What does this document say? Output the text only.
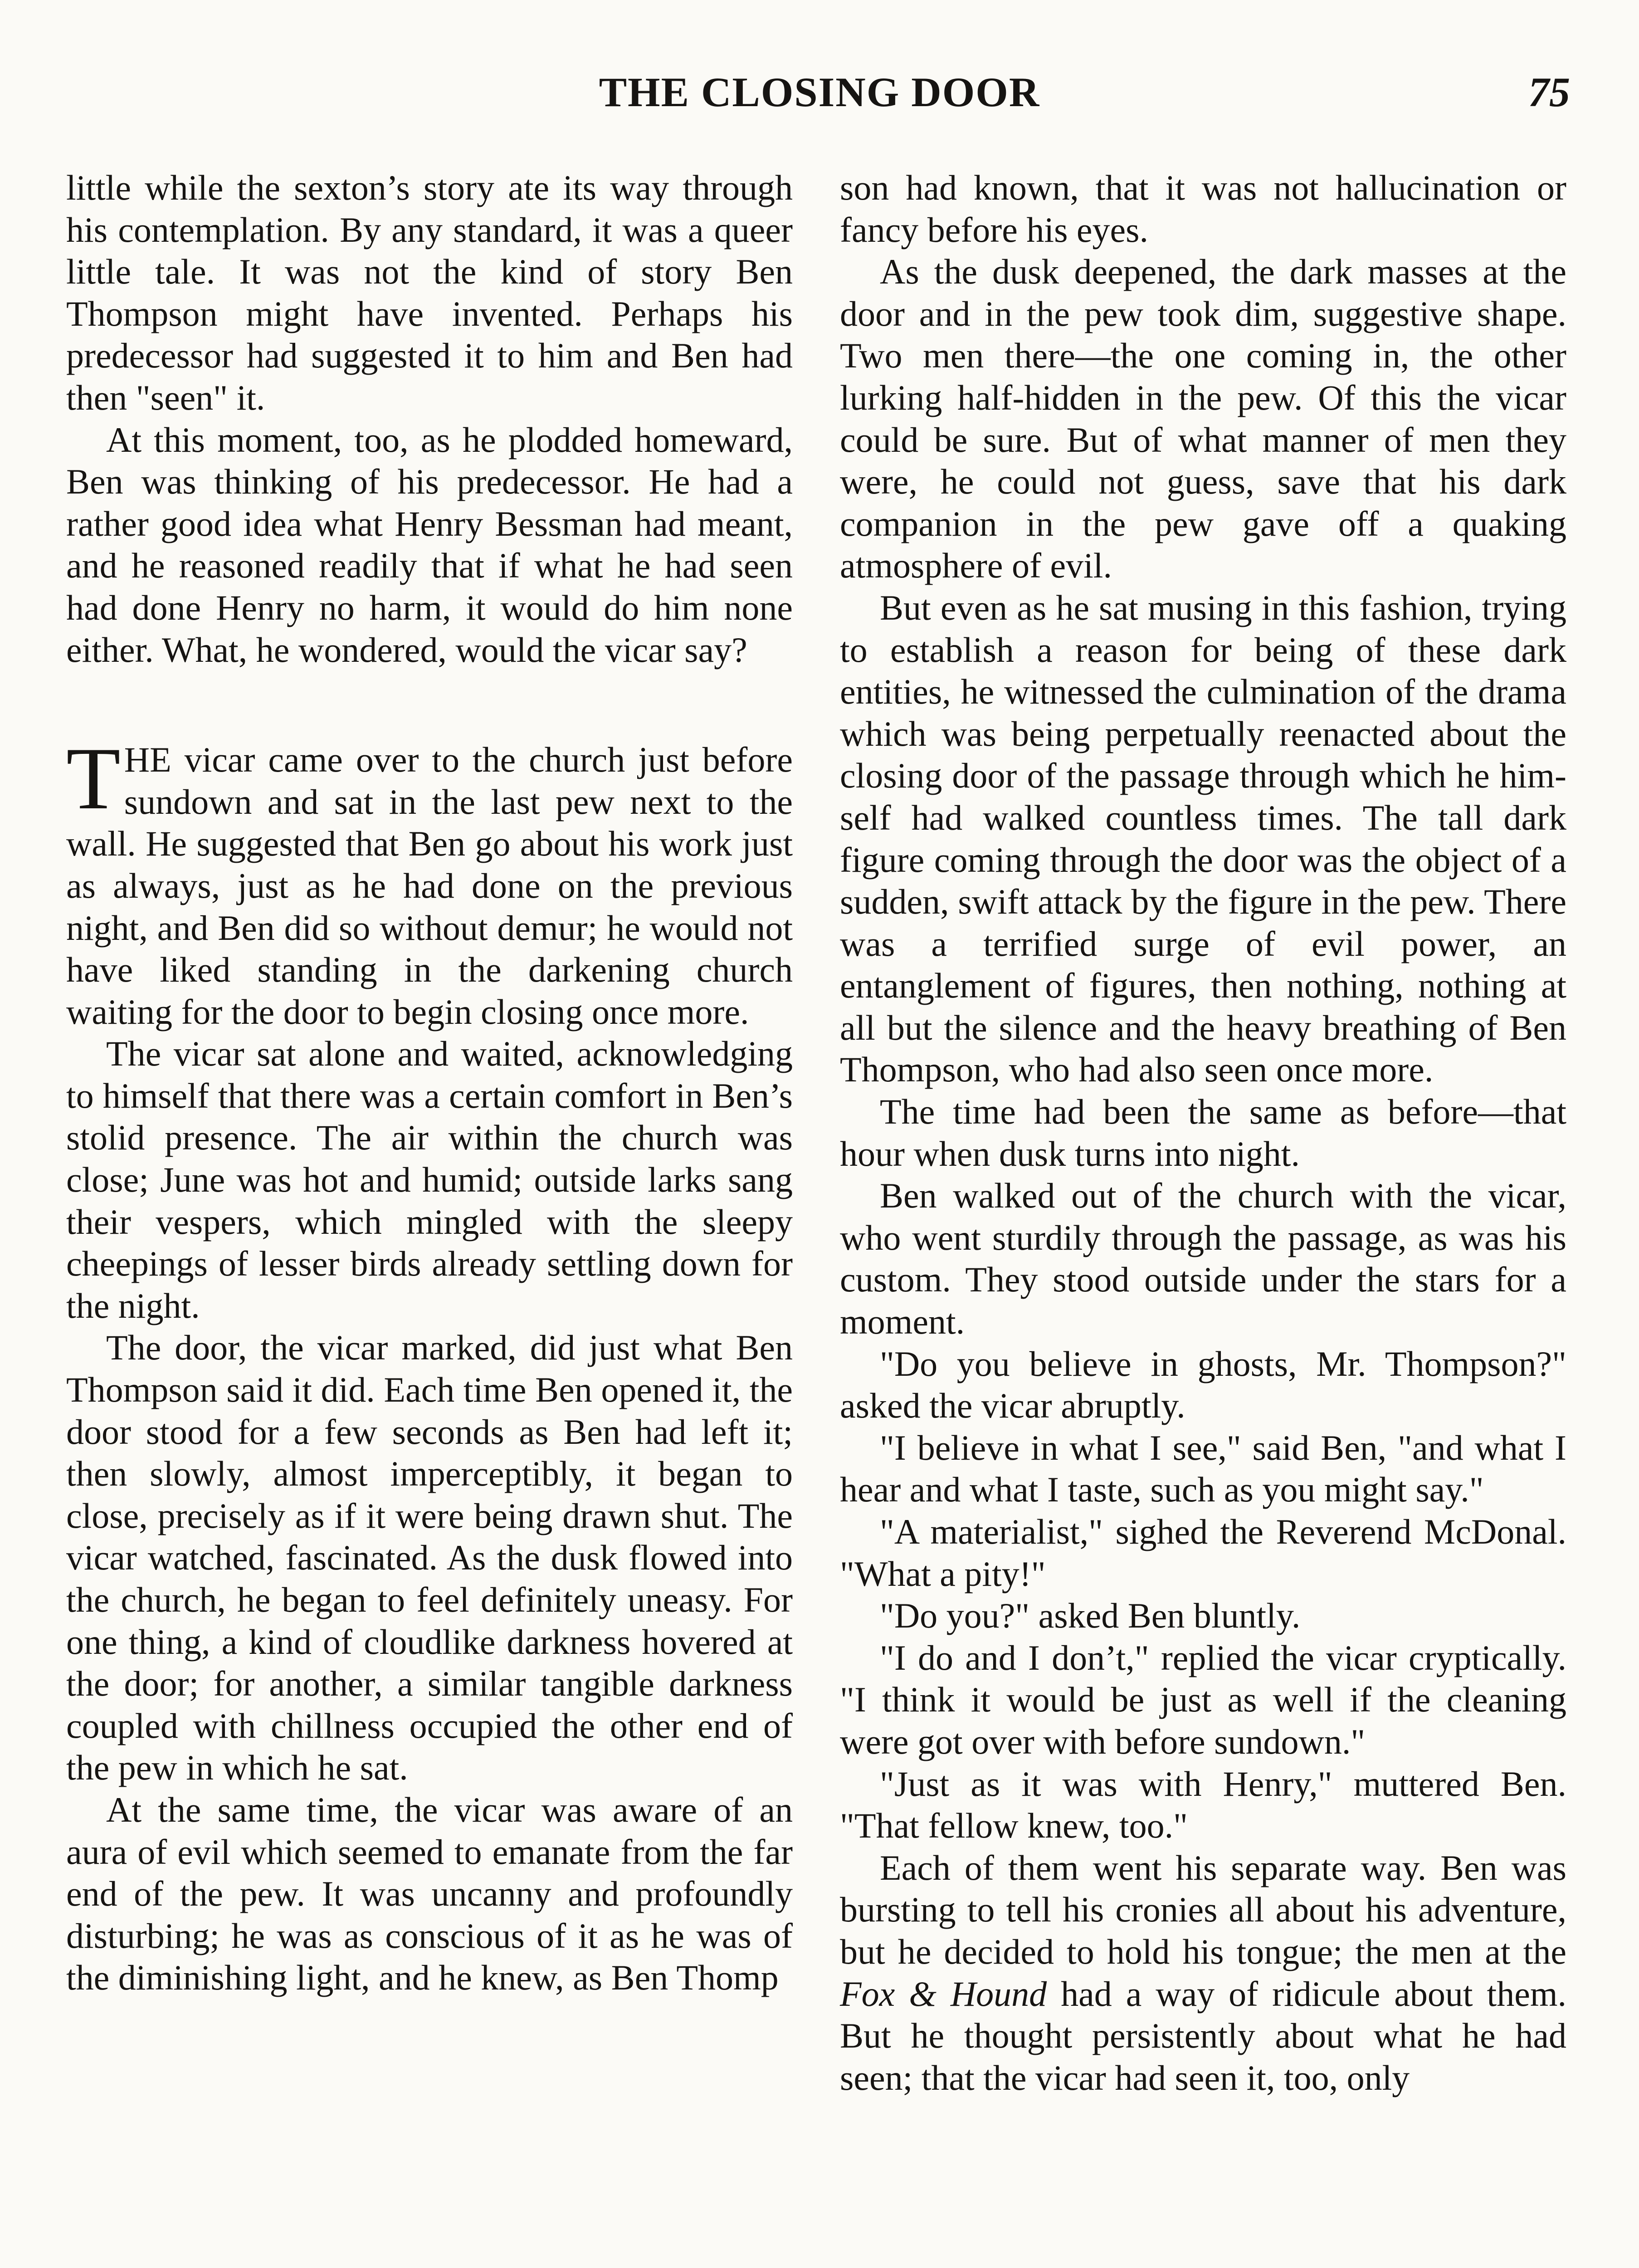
THE CLOSING DOOR	75

little while the sexton’s story ate its way through his contemplation. By any standard, it was a queer little tale. It was not the kind of story Ben Thompson might have invented. Perhaps his predecessor had suggested it to him and Ben had then "seen" it.

At this moment, too, as he plodded homeward, Ben was thinking of his predecessor. He had a rather good idea what Henry Bessman had meant, and he reasoned readily that if what he had seen had done Henry no harm, it would do him none either. What, he wondered, would the vicar say?

THE vicar came over to the church just before sundown and sat in the last pew next to the wall. He suggested that Ben go about his work just as always, just as he had done on the previous night, and Ben did so without demur; he would not have liked standing in the darkening church waiting for the door to begin closing once more.

The vicar sat alone and waited, acknowledging to himself that there was a certain comfort in Ben’s stolid presence. The air within the church was close; June was hot and humid; outside larks sang their vespers, which mingled with the sleepy cheepings of lesser birds already settling down for the night.

The door, the vicar marked, did just what Ben Thompson said it did. Each time Ben opened it, the door stood for a few seconds as Ben had left it; then slowly, almost imperceptibly, it began to close, precisely as if it were being drawn shut. The vicar watched, fascinated. As the dusk flowed into the church, he began to feel definitely uneasy. For one thing, a kind of cloudlike darkness hovered at the door; for another, a similar tangible darkness coupled with chillness occupied the other end of the pew in which he sat.

At the same time, the vicar was aware of an aura of evil which seemed to emanate from the far end of the pew. It was uncanny and profoundly disturbing; he was as conscious of it as he was of the diminishing light, and he knew, as Ben Thomp

son had known, that it was not hallucination or fancy before his eyes.

As the dusk deepened, the dark masses at the door and in the pew took dim, suggestive shape. Two men there—the one coming in, the other lurking half-hidden in the pew. Of this the vicar could be sure. But of what manner of men they were, he could not guess, save that his dark companion in the pew gave off a quaking atmosphere of evil.

But even as he sat musing in this fashion, trying to establish a reason for being of these dark entities, he witnessed the culmination of the drama which was being perpetually reenacted about the closing door of the passage through which he himself had walked countless times. The tall dark figure coming through the door was the object of a sudden, swift attack by the figure in the pew. There was a terrified surge of evil power, an entanglement of figures, then nothing, nothing at all but the silence and the heavy breathing of Ben Thompson, who had also seen once more.

The time had been the same as before—that hour when dusk turns into night.

Ben walked out of the church with the vicar, who went sturdily through the passage, as was his custom. They stood outside under the stars for a moment.

"Do you believe in ghosts, Mr. Thompson?" asked the vicar abruptly.

"I believe in what I see," said Ben, "and what I hear and what I taste, such as you might say."

"A materialist," sighed the Reverend McDonal. "What a pity!"

"Do you?" asked Ben bluntly.

"I do and I don’t," replied the vicar cryptically. "I think it would be just as well if the cleaning were got over with before sundown."

"Just as it was with Henry," muttered Ben. "That fellow knew, too."

Each of them went his separate way. Ben was bursting to tell his cronies all about his adventure, but he decided to hold his tongue; the men at the Fox & Hound had a way of ridicule about them. But he thought persistently about what he had seen; that the vicar had seen it, too, only
